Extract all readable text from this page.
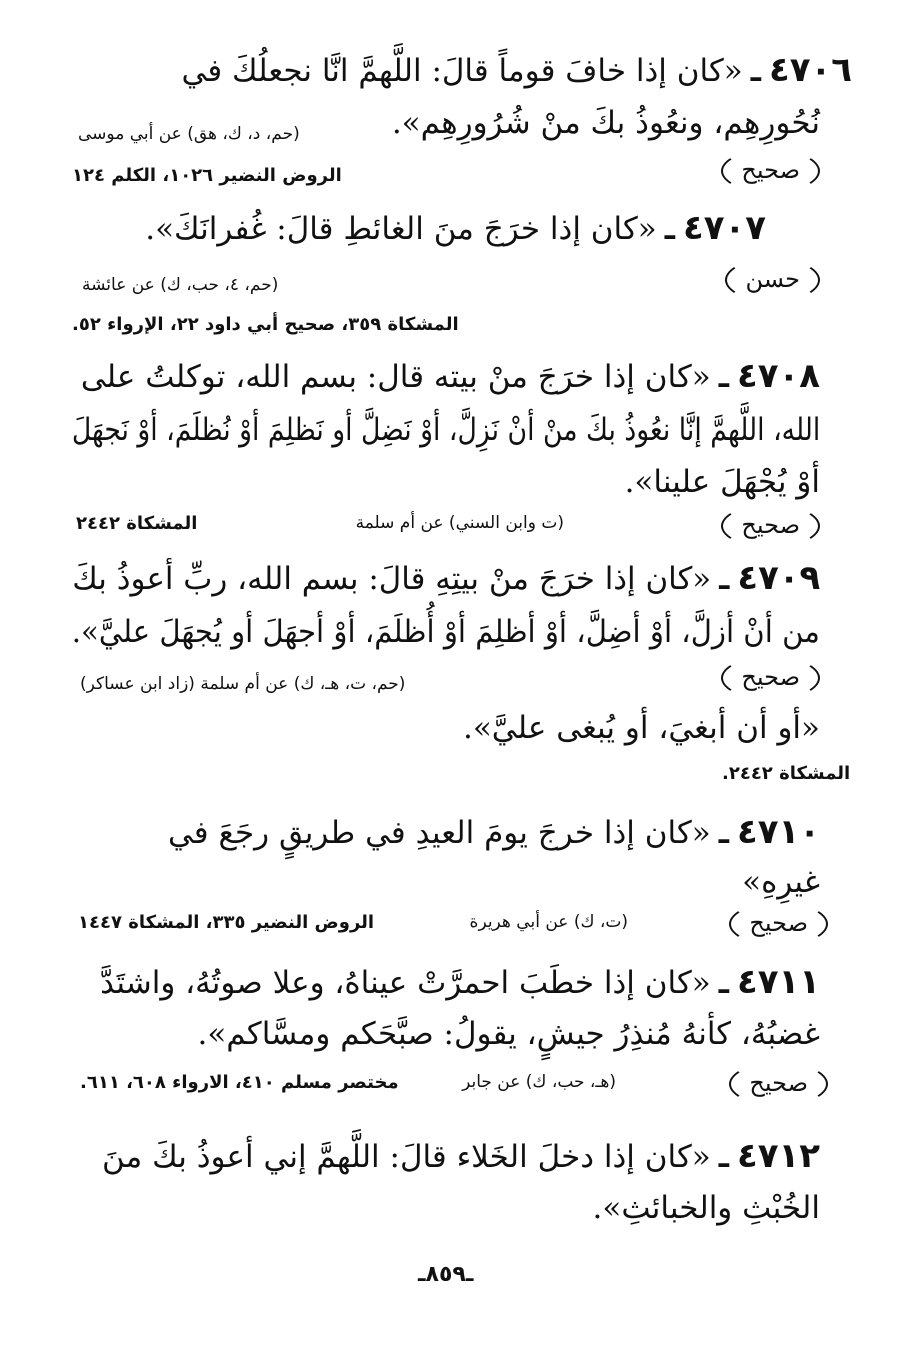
٤٧٠٦ـ«كان إذا خافَ قوماً قالَ: اللَّهمَّ انَّا نجعلُكَ في
نُحُورِهِم، ونعُوذُ بكَ منْ شُرُورِهِم».
(حم، د، ك، هق) عن أبي موسى
صحيح
الروض النضير ١٠٢٦، الكلم ١٢٤
٤٧٠٧ـ«كان إذا خرَجَ منَ الغائطِ قالَ: غُفرانَكَ».
حسن
(حم، ٤، حب، ك) عن عائشة
المشكاة ٣٥٩، صحيح أبي داود ٢٢، الإرواء ٥٢.
٤٧٠٨ـ«كان إذا خرَجَ منْ بيته قال: بسم الله، توكلتُ على
الله، اللَّهمَّ إنَّا نعُوذُ بكَ منْ أنْ نَزِلَّ، أوْ نَضِلَّ أو نَظلِمَ أوْ نُظلَمَ، أوْ نَجهَلَ
أوْ يُجْهَلَ علينا».
صحيح
(ت وابن السني) عن أم سلمة
المشكاة ٢٤٤٢
٤٧٠٩ـ«كان إذا خرَجَ منْ بيتِهِ قالَ: بسم الله، ربِّ أعوذُ بكَ
من أنْ أزلَّ، أوْ أضِلَّ، أوْ أظلِمَ أوْ أُظلَمَ، أوْ أجهَلَ أو يُجهَلَ عليَّ».
صحيح
(حم، ت، هـ، ك) عن أم سلمة (زاد ابن عساكر)
«أو أن أبغيَ، أو يُبغى عليَّ».
المشكاة ٢٤٤٢.
٤٧١٠ـ«كان إذا خرجَ يومَ العيدِ في طريقٍ رجَعَ في
غيرِهِ»
صحيح
(ت، ك) عن أبي هريرة
الروض النضير ٣٣٥، المشكاة ١٤٤٧
٤٧١١ـ«كان إذا خطَبَ احمرَّتْ عيناهُ، وعلا صوتُهُ، واشتَدَّ
غضبُهُ، كأنهُ مُنذِرُ جيشٍ، يقولُ: صبَّحَكم ومسَّاكم».
صحيح
(هـ، حب، ك) عن جابر
مختصر مسلم ٤١٠، الارواء ٦٠٨، ٦١١.
٤٧١٢ـ«كان إذا دخلَ الخَلاء قالَ: اللَّهمَّ إني أعوذُ بكَ منَ
الخُبْثِ والخبائثِ».
ـ٨٥٩ـ
